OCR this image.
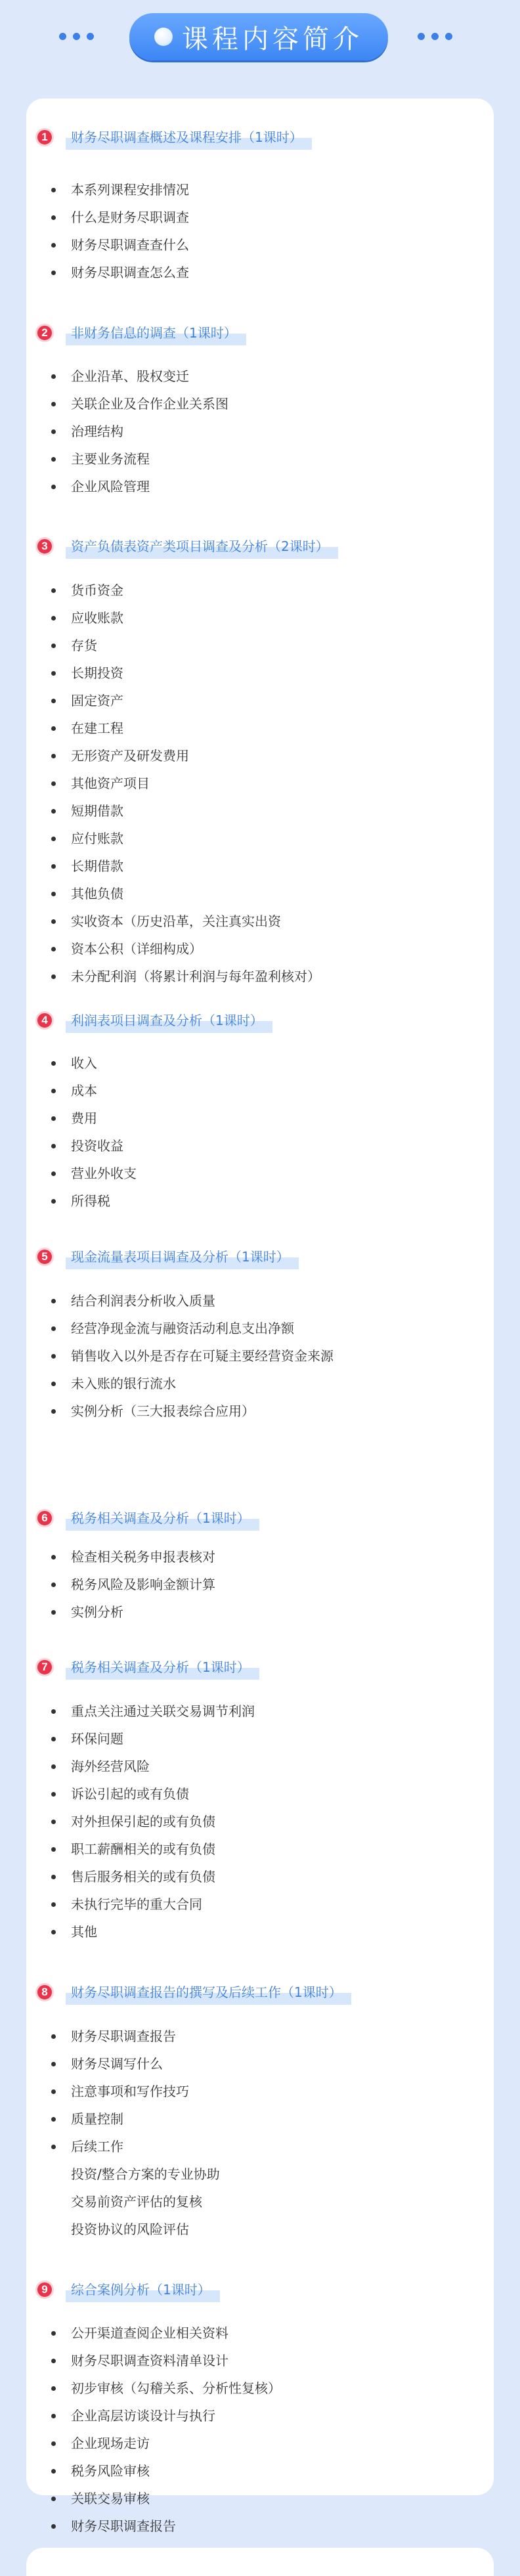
课程内容简介
1	财务尽职调查概述及课程安排（1课时）
本系列课程安排情况
什么是财务尽职调查
财务尽职调查查什么
财务尽职调查怎么查
2	非财务信息的调查（1课时）
企业沿革、股权变迁
关联企业及合作企业关系图
治理结构
主要业务流程
企业风险管理
3	资产负债表资产类项目调查及分析（2课时）
货币资金
应收账款
存货
长期投资
固定资产
在建工程
无形资产及研发费用
其他资产项目
短期借款
应付账款
长期借款
其他负债
实收资本（历史沿革，关注真实出资
资本公积（详细构成）
未分配利润（将累计利润与每年盈利核对）
4	利润表项目调查及分析（1课时）
收入
成本
费用
投资收益
营业外收支
所得税
5	现金流量表项目调查及分析（1课时）
结合利润表分析收入质量
经营净现金流与融资活动利息支出净额
销售收入以外是否存在可疑主要经营资金来源
未入账的银行流水
实例分析（三大报表综合应用）
6	税务相关调查及分析（1课时）
检查相关税务申报表核对
税务风险及影响金额计算
实例分析
7	税务相关调查及分析（1课时）
重点关注通过关联交易调节利润
环保问题
海外经营风险
诉讼引起的或有负债
对外担保引起的或有负债
职工薪酬相关的或有负债
售后服务相关的或有负债
未执行完毕的重大合同
其他
8	财务尽职调查报告的撰写及后续工作（1课时）
财务尽职调查报告
财务尽调写什么
注意事项和写作技巧
质量控制
后续工作
投资/整合方案的专业协助
交易前资产评估的复核
投资协议的风险评估
9	综合案例分析（1课时）
公开渠道查阅企业相关资料
财务尽职调查资料清单设计
初步审核（勾稽关系、分析性复核）
企业高层访谈设计与执行
企业现场走访
税务风险审核
关联交易审核
财务尽职调查报告
